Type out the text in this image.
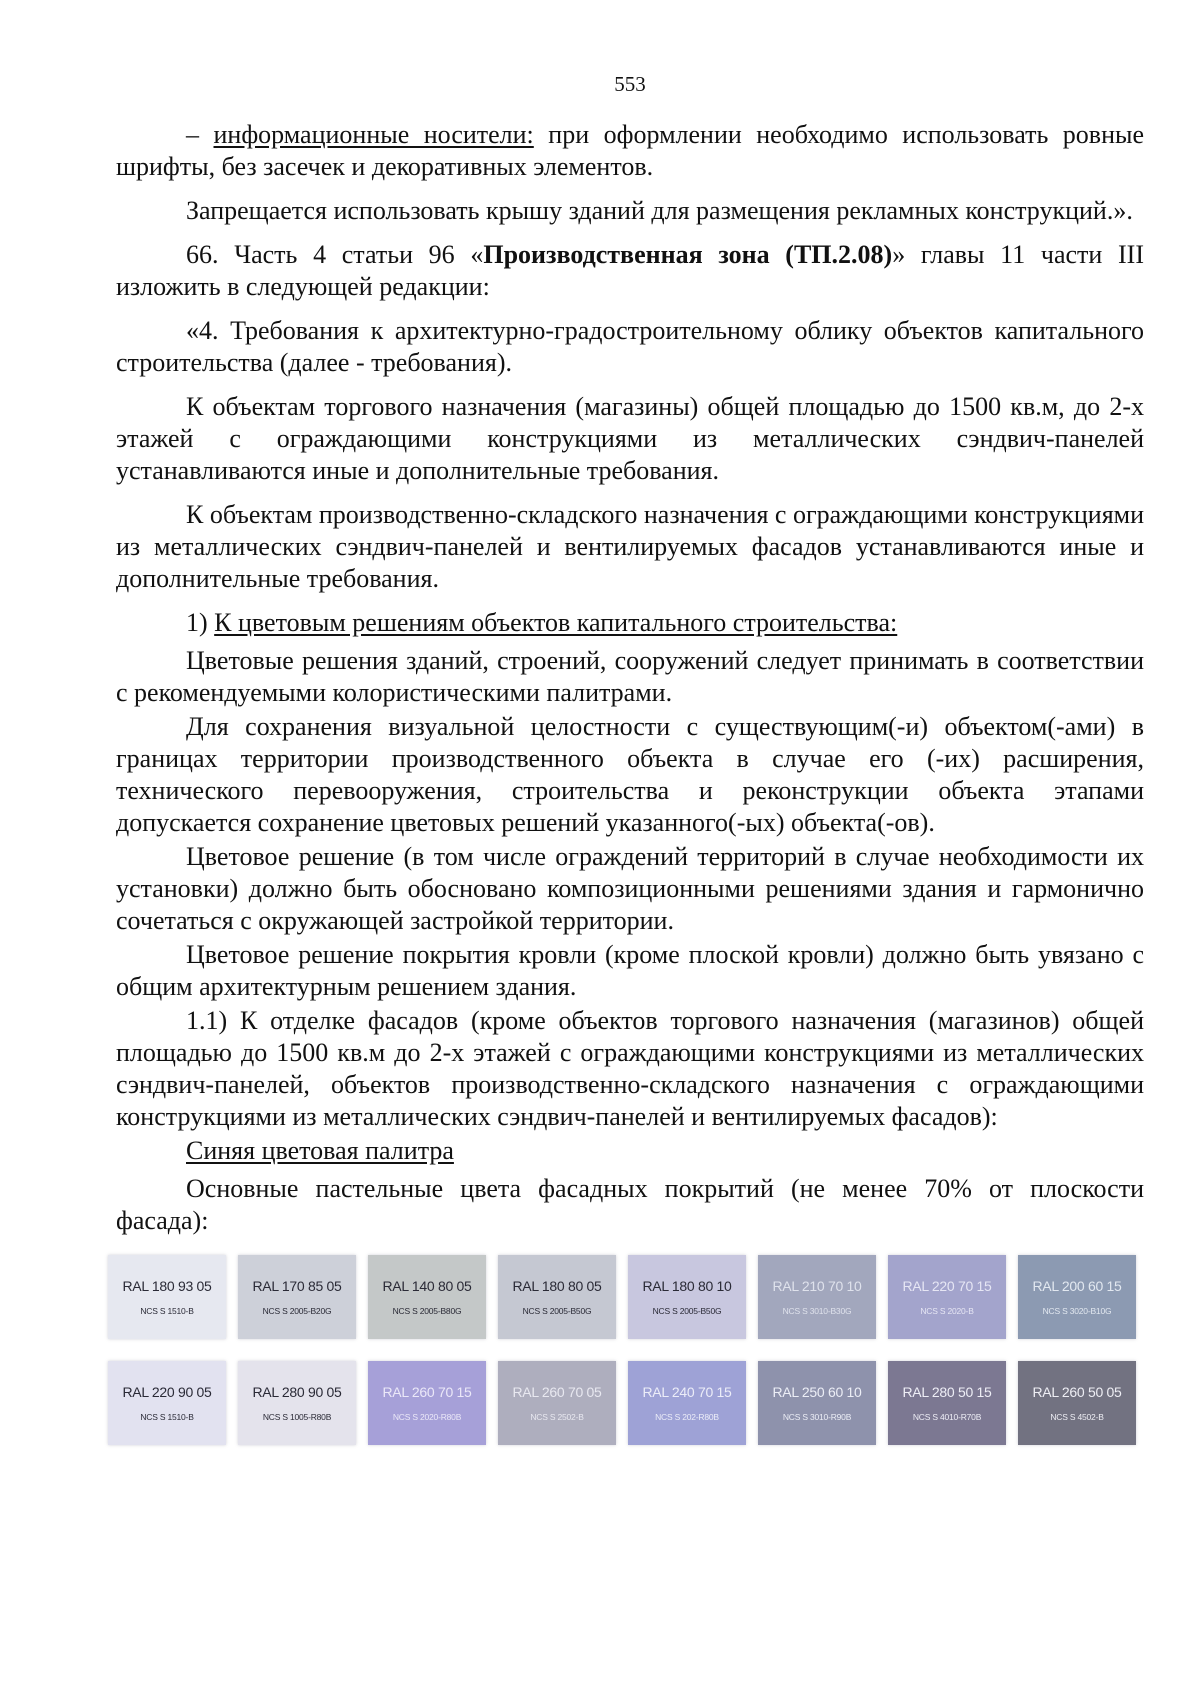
553

– информационные носители: при оформлении необходимо использовать ровные шрифты, без засечек и декоративных элементов.

Запрещается использовать крышу зданий для размещения рекламных конструкций.».

66. Часть 4 статьи 96 «Производственная зона (ТП.2.08)» главы 11 части III изложить в следующей редакции:

«4. Требования к архитектурно-градостроительному облику объектов капитального строительства (далее - требования).

К объектам торгового назначения (магазины) общей площадью до 1500 кв.м, до 2-х этажей с ограждающими конструкциями из металлических сэндвич-панелей устанавливаются иные и дополнительные требования.

К объектам производственно-складского назначения с ограждающими конструкциями из металлических сэндвич-панелей и вентилируемых фасадов устанавливаются иные и дополнительные требования.

1) К цветовым решениям объектов капитального строительства:

Цветовые решения зданий, строений, сооружений следует принимать в соответствии с рекомендуемыми колористическими палитрами.

Для сохранения визуальной целостности с существующим(-и) объектом(-ами) в границах территории производственного объекта в случае его (-их) расширения, технического перевооружения, строительства и реконструкции объекта этапами допускается сохранение цветовых решений указанного(-ых) объекта(-ов).

Цветовое решение (в том числе ограждений территорий в случае необходимости их установки) должно быть обосновано композиционными решениями здания и гармонично сочетаться с окружающей застройкой территории.

Цветовое решение покрытия кровли (кроме плоской кровли) должно быть увязано с общим архитектурным решением здания.

1.1) К отделке фасадов (кроме объектов торгового назначения (магазинов) общей площадью до 1500 кв.м до 2-х этажей с ограждающими конструкциями из металлических сэндвич-панелей, объектов производственно-складского назначения с ограждающими конструкциями из металлических сэндвич-панелей и вентилируемых фасадов):

Синяя цветовая палитра

Основные пастельные цвета фасадных покрытий (не менее 70% от плоскости фасада):

RAL 180 93 05
NCS S 1510-B
RAL 170 85 05
NCS S 2005-B20G
RAL 140 80 05
NCS S 2005-B80G
RAL 180 80 05
NCS S 2005-B50G
RAL 180 80 10
NCS S 2005-B50G
RAL 210 70 10
NCS S 3010-B30G
RAL 220 70 15
NCS S 2020-B
RAL 200 60 15
NCS S 3020-B10G
RAL 220 90 05
NCS S 1510-B
RAL 280 90 05
NCS S 1005-R80B
RAL 260 70 15
NCS S 2020-R80B
RAL 260 70 05
NCS S 2502-B
RAL 240 70 15
NCS S 202-R80B
RAL 250 60 10
NCS S 3010-R90B
RAL 280 50 15
NCS S 4010-R70B
RAL 260 50 05
NCS S 4502-B
